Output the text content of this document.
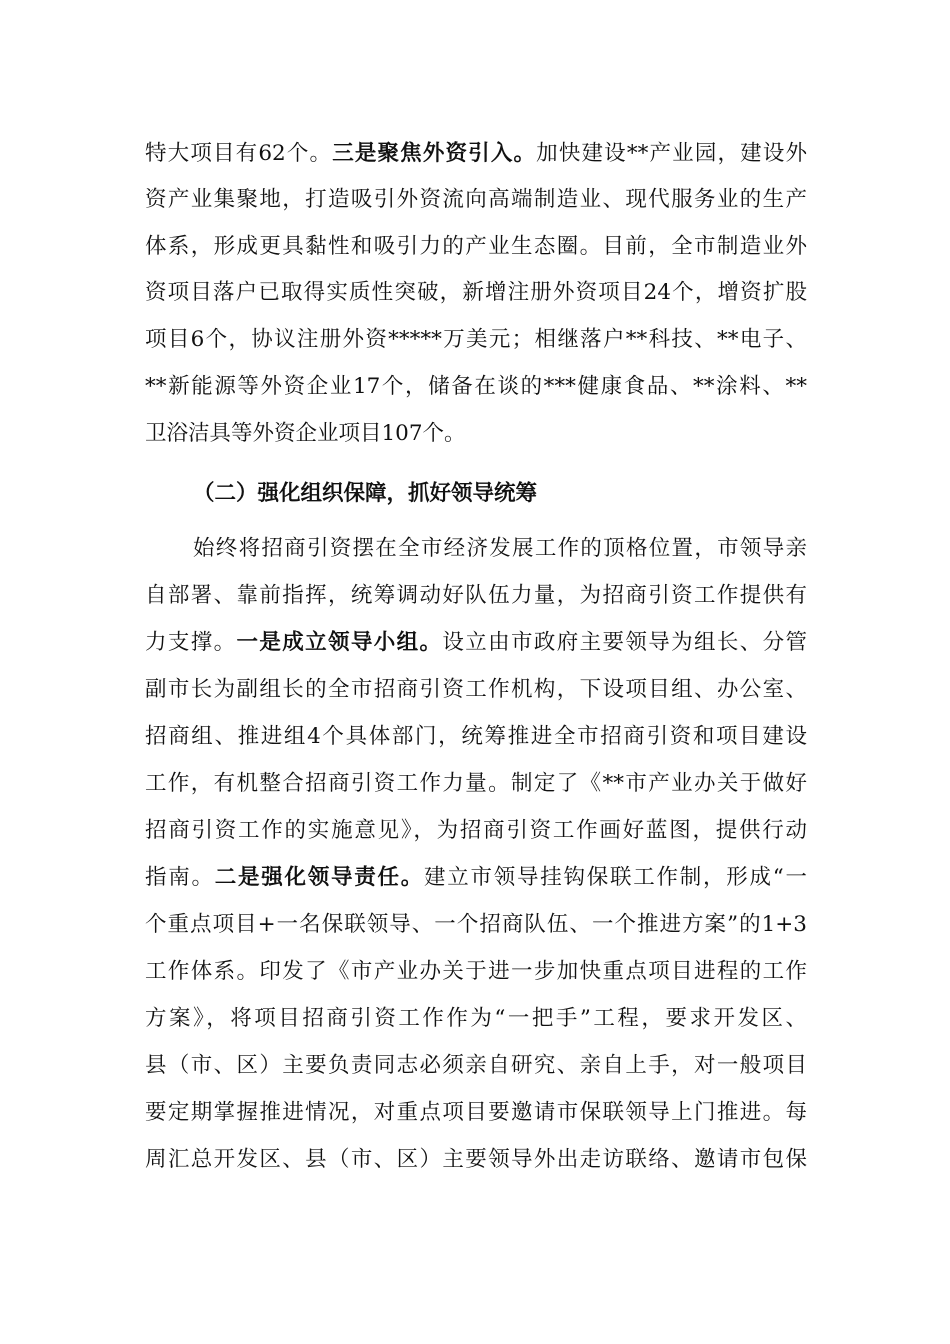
特大项目有62个。三是聚焦外资引入。加快建设**产业园，建设外
资产业集聚地，打造吸引外资流向高端制造业、现代服务业的生产
体系，形成更具黏性和吸引力的产业生态圈。目前，全市制造业外
资项目落户已取得实质性突破，新增注册外资项目24个，增资扩股
项目6个，协议注册外资*****万美元；相继落户**科技、**电子、
**新能源等外资企业17个，储备在谈的***健康食品、**涂料、**
卫浴洁具等外资企业项目107个。
（二）强化组织保障，抓好领导统筹
始终将招商引资摆在全市经济发展工作的顶格位置，市领导亲
自部署、靠前指挥，统筹调动好队伍力量，为招商引资工作提供有
力支撑。一是成立领导小组。设立由市政府主要领导为组长、分管
副市长为副组长的全市招商引资工作机构，下设项目组、办公室、
招商组、推进组4个具体部门，统筹推进全市招商引资和项目建设
工作，有机整合招商引资工作力量。制定了《**市产业办关于做好
招商引资工作的实施意见》，为招商引资工作画好蓝图，提供行动
指南。二是强化领导责任。建立市领导挂钩保联工作制，形成“一
个重点项目+一名保联领导、一个招商队伍、一个推进方案”的1+3
工作体系。印发了《市产业办关于进一步加快重点项目进程的工作
方案》，将项目招商引资工作作为“一把手”工程，要求开发区、
县（市、区）主要负责同志必须亲自研究、亲自上手，对一般项目
要定期掌握推进情况，对重点项目要邀请市保联领导上门推进。每
周汇总开发区、县（市、区）主要领导外出走访联络、邀请市包保
